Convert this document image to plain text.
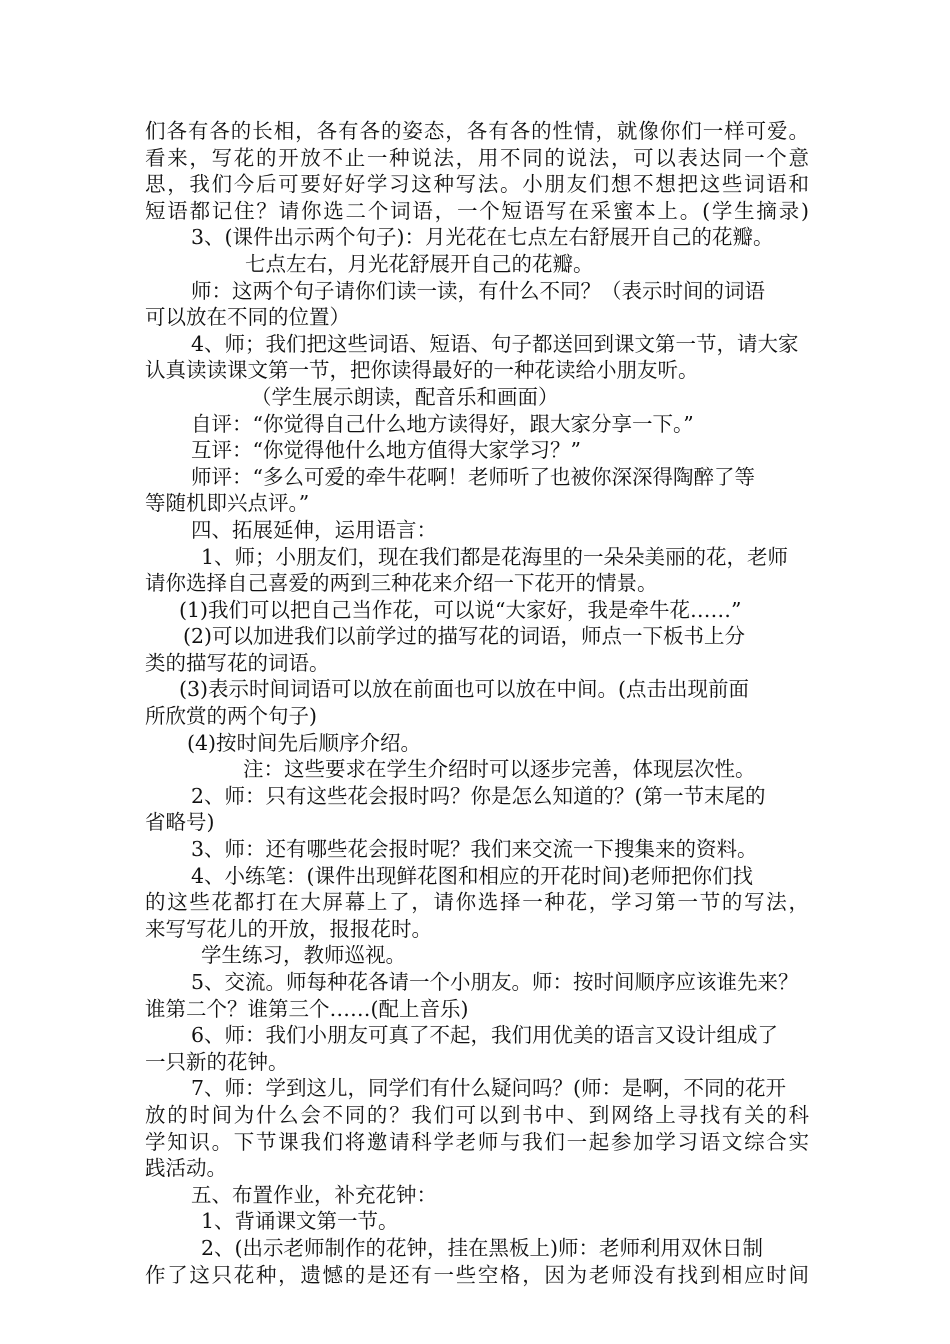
们各有各的长相，各有各的姿态，各有各的性情，就像你们一样可爱。
看来，写花的开放不止一种说法，用不同的说法，可以表达同一个意
思，我们今后可要好好学习这种写法。小朋友们想不想把这些词语和
短语都记住？请你选二个词语，一个短语写在采蜜本上。(学生摘录)
3、(课件出示两个句子)：月光花在七点左右舒展开自己的花瓣。
七点左右，月光花舒展开自己的花瓣。
师：这两个句子请你们读一读，有什么不同？（表示时间的词语
可以放在不同的位置）
4、师；我们把这些词语、短语、句子都送回到课文第一节，请大家
认真读读课文第一节，把你读得最好的一种花读给小朋友听。
（学生展示朗读，配音乐和画面）
自评：“你觉得自己什么地方读得好，跟大家分享一下。”
互评：“你觉得他什么地方值得大家学习？”
师评：“多么可爱的牵牛花啊！老师听了也被你深深得陶醉了等
等随机即兴点评。”
四、拓展延伸，运用语言：
1、师；小朋友们，现在我们都是花海里的一朵朵美丽的花，老师
请你选择自己喜爱的两到三种花来介绍一下花开的情景。
(1)我们可以把自己当作花，可以说“大家好，我是牵牛花……”
(2)可以加进我们以前学过的描写花的词语，师点一下板书上分
类的描写花的词语。
(3)表示时间词语可以放在前面也可以放在中间。(点击出现前面
所欣赏的两个句子)
(4)按时间先后顺序介绍。
注：这些要求在学生介绍时可以逐步完善，体现层次性。
2、师：只有这些花会报时吗？你是怎么知道的？(第一节末尾的
省略号)
3、师：还有哪些花会报时呢？我们来交流一下搜集来的资料。
4、小练笔：(课件出现鲜花图和相应的开花时间)老师把你们找
的这些花都打在大屏幕上了，请你选择一种花，学习第一节的写法，
来写写花儿的开放，报报花时。
学生练习，教师巡视。
5、交流。师每种花各请一个小朋友。师：按时间顺序应该谁先来？
谁第二个？谁第三个……(配上音乐)
6、师：我们小朋友可真了不起，我们用优美的语言又设计组成了
一只新的花钟。
7、师：学到这儿，同学们有什么疑问吗？(师：是啊，不同的花开
放的时间为什么会不同的？我们可以到书中、到网络上寻找有关的科
学知识。下节课我们将邀请科学老师与我们一起参加学习语文综合实
践活动。
五、布置作业，补充花钟：
1、背诵课文第一节。
2、(出示老师制作的花钟，挂在黑板上)师：老师利用双休日制
作了这只花种，遗憾的是还有一些空格，因为老师没有找到相应时间
